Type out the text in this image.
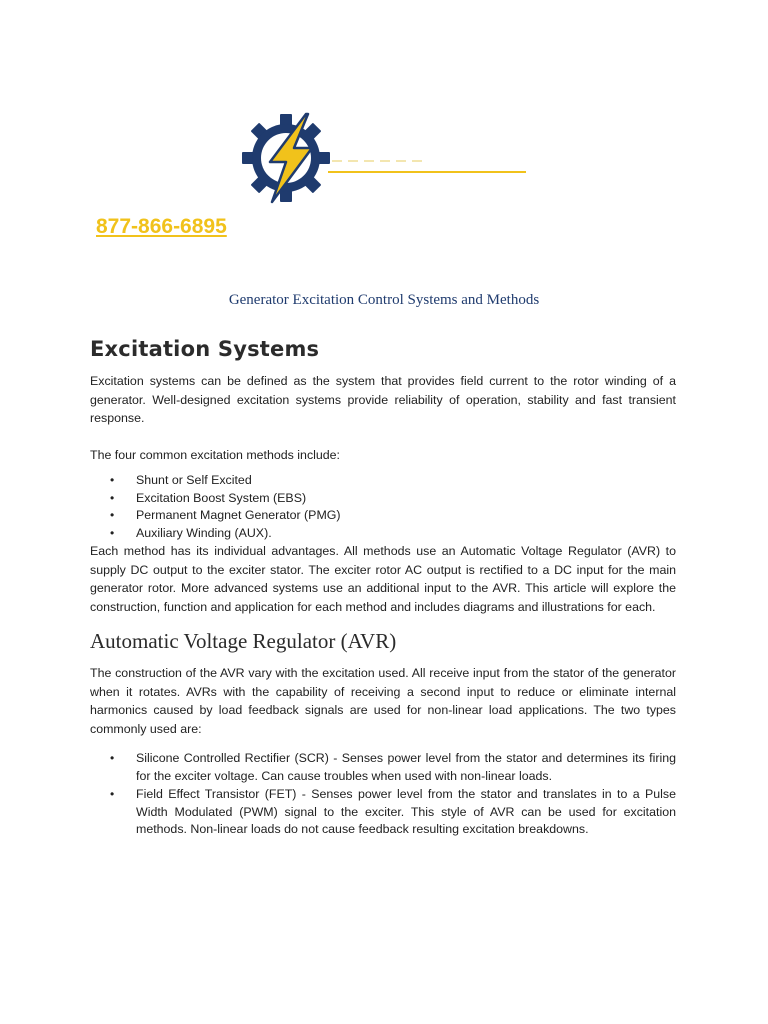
877-866-6895
Generator Excitation Control Systems and Methods
Excitation Systems

Excitation systems can be defined as the system that provides field current to the rotor winding of a generator. Well-designed excitation systems provide reliability of operation, stability and fast transient response.

The four common excitation methods include:

• Shunt or Self Excited
• Excitation Boost System (EBS)
• Permanent Magnet Generator (PMG)
• Auxiliary Winding (AUX).

Each method has its individual advantages. All methods use an Automatic Voltage Regulator (AVR) to supply DC output to the exciter stator. The exciter rotor AC output is rectified to a DC input for the main generator rotor. More advanced systems use an additional input to the AVR. This article will explore the construction, function and application for each method and includes diagrams and illustrations for each.

Automatic Voltage Regulator (AVR)

The construction of the AVR vary with the excitation used. All receive input from the stator of the generator when it rotates. AVRs with the capability of receiving a second input to reduce or eliminate internal harmonics caused by load feedback signals are used for non-linear load applications. The two types commonly used are:

• Silicone Controlled Rectifier (SCR) - Senses power level from the stator and determines its firing for the exciter voltage. Can cause troubles when used with non-linear loads.
• Field Effect Transistor (FET) - Senses power level from the stator and translates in to a Pulse Width Modulated (PWM) signal to the exciter. This style of AVR can be used for excitation methods. Non-linear loads do not cause feedback resulting excitation breakdowns.
